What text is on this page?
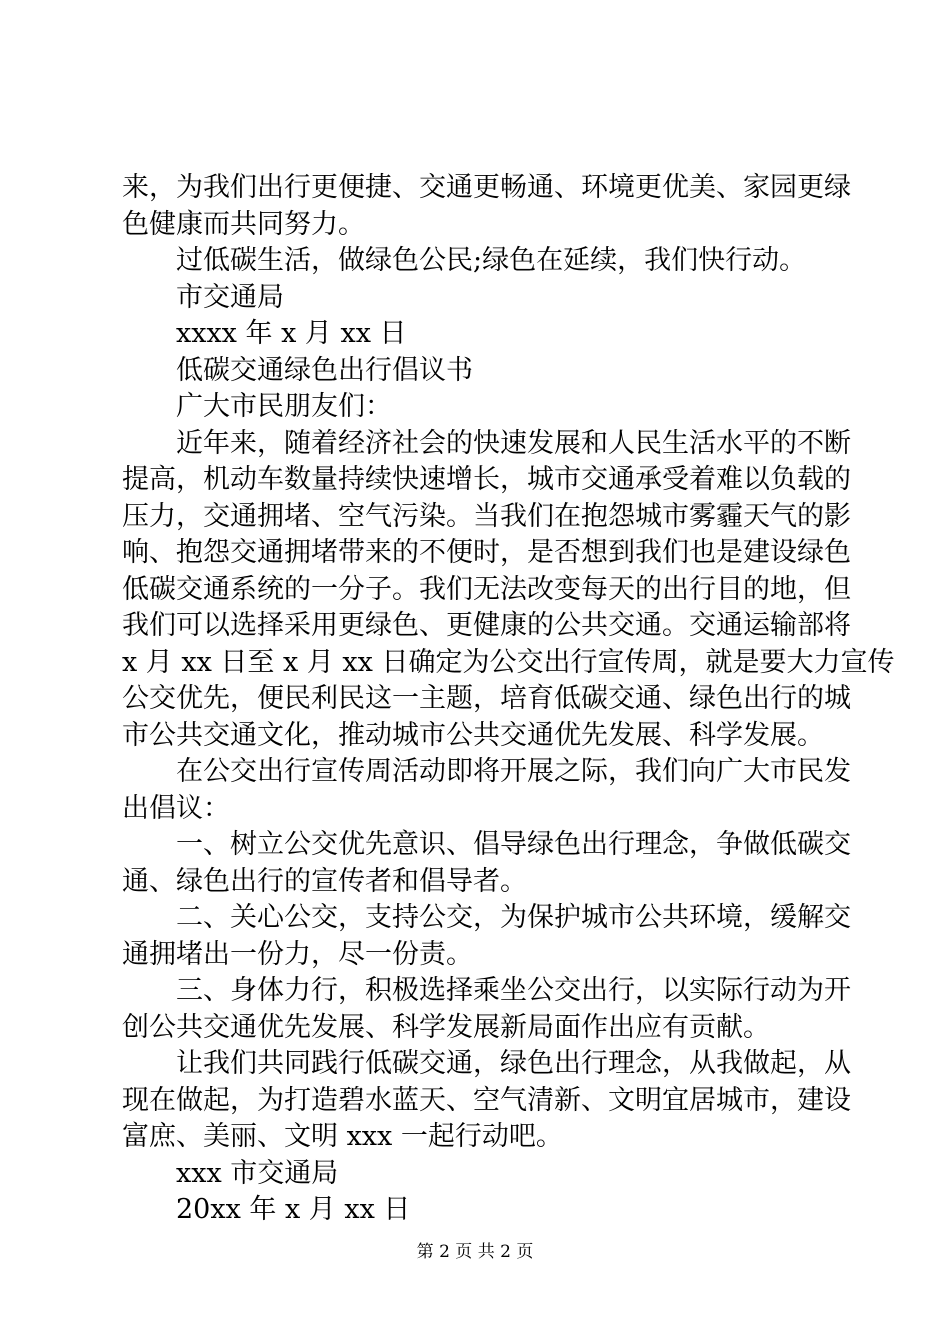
来，为我们出行更便捷、交通更畅通、环境更优美、家园更绿
色健康而共同努力。
过低碳生活，做绿色公民;绿色在延续，我们快行动。
市交通局
xxxx 年 x 月 xx 日
低碳交通绿色出行倡议书
广大市民朋友们：
近年来，随着经济社会的快速发展和人民生活水平的不断
提高，机动车数量持续快速增长，城市交通承受着难以负载的
压力，交通拥堵、空气污染。当我们在抱怨城市雾霾天气的影
响、抱怨交通拥堵带来的不便时，是否想到我们也是建设绿色
低碳交通系统的一分子。我们无法改变每天的出行目的地，但
我们可以选择采用更绿色、更健康的公共交通。交通运输部将
x 月 xx 日至 x 月 xx 日确定为公交出行宣传周，就是要大力宣传
公交优先，便民利民这一主题，培育低碳交通、绿色出行的城
市公共交通文化，推动城市公共交通优先发展、科学发展。
在公交出行宣传周活动即将开展之际，我们向广大市民发
出倡议：
一、树立公交优先意识、倡导绿色出行理念，争做低碳交
通、绿色出行的宣传者和倡导者。
二、关心公交，支持公交，为保护城市公共环境，缓解交
通拥堵出一份力，尽一份责。
三、身体力行，积极选择乘坐公交出行，以实际行动为开
创公共交通优先发展、科学发展新局面作出应有贡献。
让我们共同践行低碳交通，绿色出行理念，从我做起，从
现在做起，为打造碧水蓝天、空气清新、文明宜居城市，建设
富庶、美丽、文明 xxx 一起行动吧。
xxx 市交通局
20xx 年 x 月 xx 日
第 2 页 共 2 页
